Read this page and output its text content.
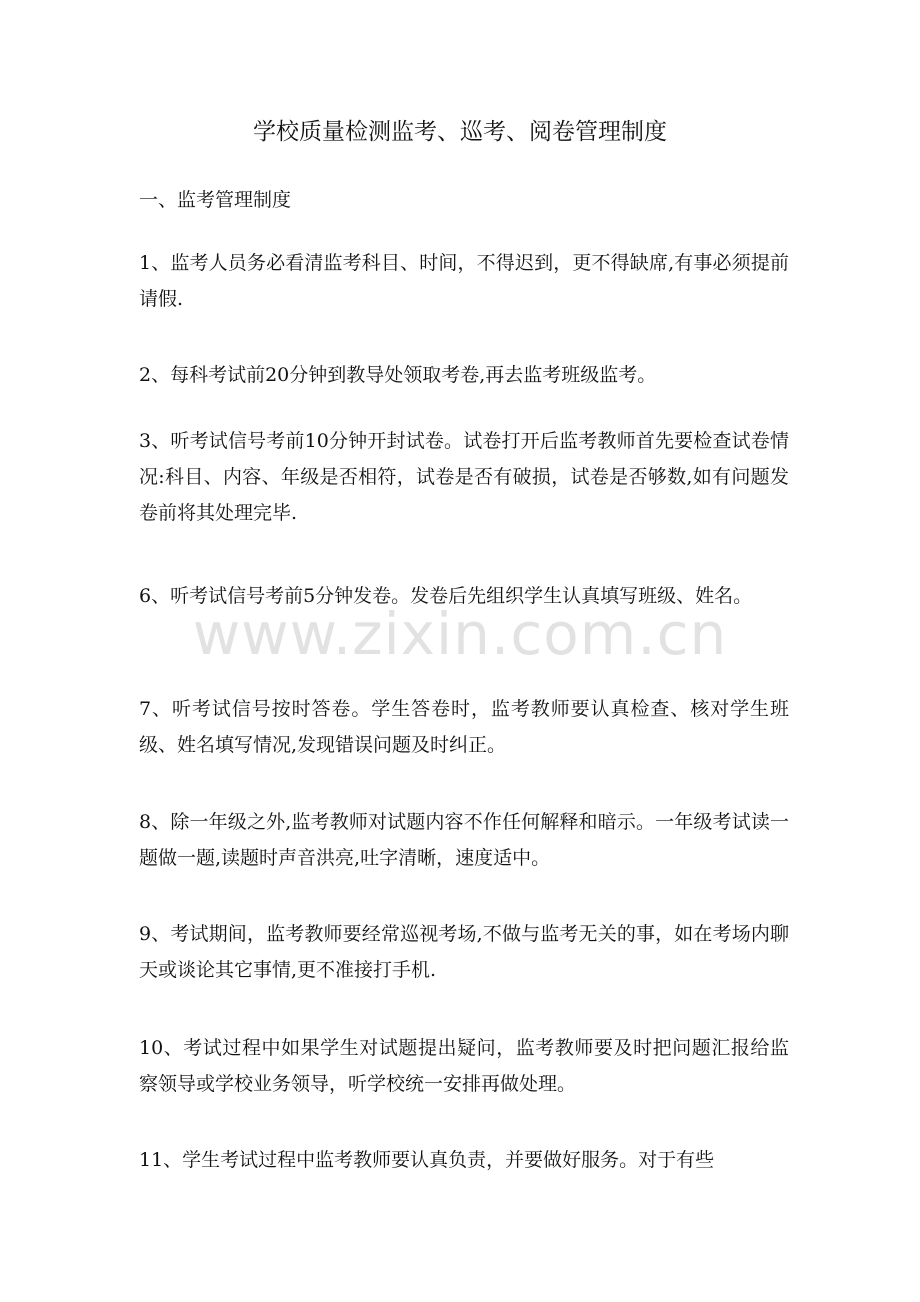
学校质量检测监考、巡考、阅卷管理制度

一、监考管理制度

1、监考人员务必看清监考科目、时间，不得迟到，更不得缺席,有事必须提前请假.

2、每科考试前20分钟到教导处领取考卷,再去监考班级监考。

3、听考试信号考前10分钟开封试卷。试卷打开后监考教师首先要检查试卷情况:科目、内容、年级是否相符，试卷是否有破损，试卷是否够数,如有问题发卷前将其处理完毕.

6、听考试信号考前5分钟发卷。发卷后先组织学生认真填写班级、姓名。

7、听考试信号按时答卷。学生答卷时，监考教师要认真检查、核对学生班级、姓名填写情况,发现错误问题及时纠正。

8、除一年级之外,监考教师对试题内容不作任何解释和暗示。一年级考试读一题做一题,读题时声音洪亮,吐字清晰，速度适中。

9、考试期间，监考教师要经常巡视考场,不做与监考无关的事，如在考场内聊天或谈论其它事情,更不准接打手机.

10、考试过程中如果学生对试题提出疑问，监考教师要及时把问题汇报给监察领导或学校业务领导，听学校统一安排再做处理。

11、学生考试过程中监考教师要认真负责，并要做好服务。对于有些

www.zixin.com.cn
